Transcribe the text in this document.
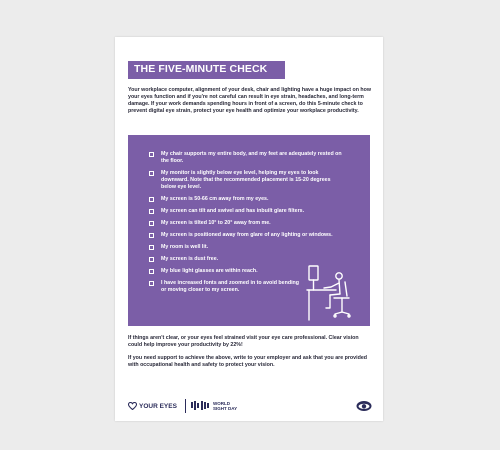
THE FIVE-MINUTE CHECK
Your workplace computer, alignment of your desk, chair and lighting have a huge impact on how your eyes function and if you're not careful can result in eye strain, headaches, and long-term damage. If your work demands spending hours in front of a screen, do this 5-minute check to prevent digital eye strain, protect your eye health and optimize your workplace productivity.
My chair supports my entire body, and my feet are adequately rested on the floor.
My monitor is slightly below eye level, helping my eyes to look downward. Note that the recommended placement is 15-20 degrees below eye level.
My screen is 50-66 cm away from my eyes.
My screen can tilt and swivel and has inbuilt glare filters.
My screen is tilted 10° to 20° away from me.
My screen is positioned away from glare of any lighting or windows.
My room is well lit.
My screen is dust free.
My blue light glasses are within reach.
I have increased fonts and zoomed in to avoid bending or moving closer to my screen.

If things aren't clear, or your eyes feel strained visit your eye care professional. Clear vision could help improve your productivity by 22%!

If you need support to achieve the above, write to your employer and ask that you are provided with occupational health and safety to protect your vision.

YOUR EYES	WORLD
SIGHT DAY
